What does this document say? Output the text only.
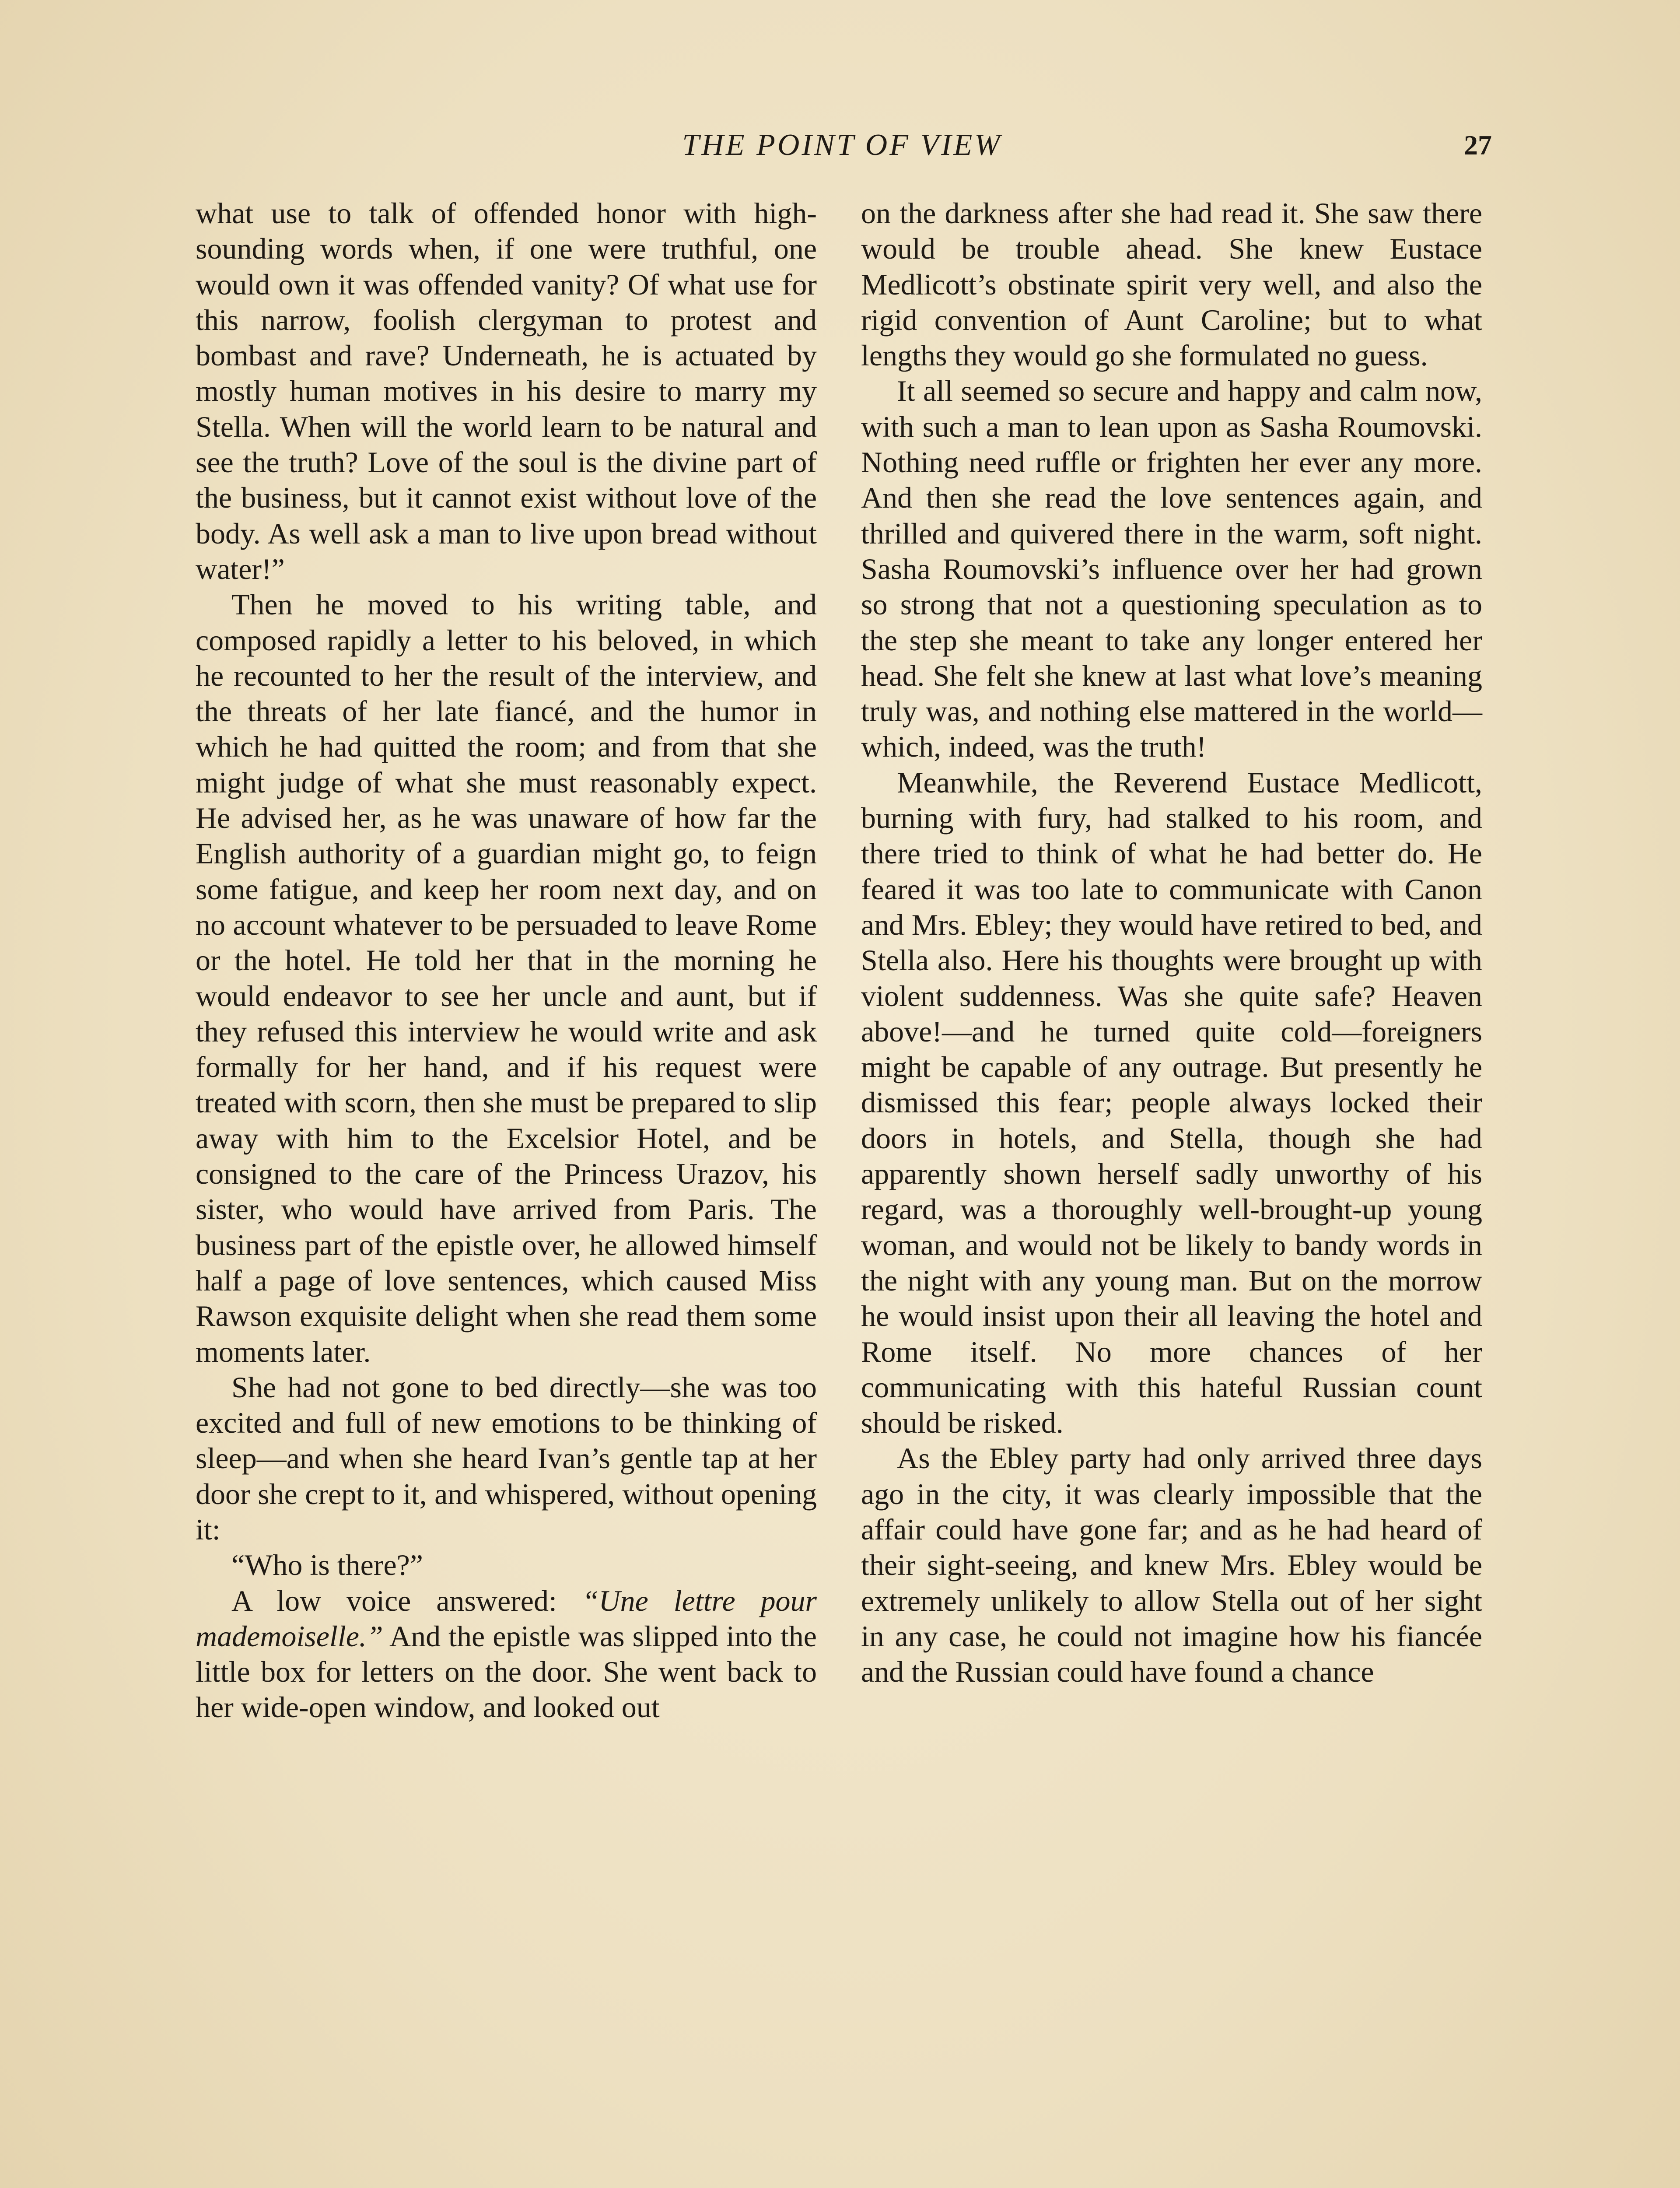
THE POINT OF VIEW	27

what use to talk of offended honor with high-sounding words when, if one were truthful, one would own it was offended vanity? Of what use for this narrow, foolish clergyman to protest and bombast and rave? Underneath, he is actuated by mostly human motives in his desire to marry my Stella. When will the world learn to be natural and see the truth? Love of the soul is the divine part of the business, but it cannot exist without love of the body. As well ask a man to live upon bread without water!”

Then he moved to his writing table, and composed rapidly a letter to his beloved, in which he recounted to her the result of the interview, and the threats of her late fiancé, and the humor in which he had quitted the room; and from that she might judge of what she must reasonably expect. He advised her, as he was unaware of how far the English authority of a guardian might go, to feign some fatigue, and keep her room next day, and on no account whatever to be persuaded to leave Rome or the hotel. He told her that in the morning he would endeavor to see her uncle and aunt, but if they refused this interview he would write and ask formally for her hand, and if his request were treated with scorn, then she must be prepared to slip away with him to the Excelsior Hotel, and be consigned to the care of the Princess Urazov, his sister, who would have arrived from Paris. The business part of the epistle over, he allowed himself half a page of love sentences, which caused Miss Rawson exquisite delight when she read them some moments later.

She had not gone to bed directly—she was too excited and full of new emotions to be thinking of sleep—and when she heard Ivan’s gentle tap at her door she crept to it, and whispered, without opening it:

“Who is there?”

A low voice answered: “Une lettre pour mademoiselle.” And the epistle was slipped into the little box for letters on the door. She went back to her wide-open window, and looked out

on the darkness after she had read it. She saw there would be trouble ahead. She knew Eustace Medlicott’s obstinate spirit very well, and also the rigid convention of Aunt Caroline; but to what lengths they would go she formulated no guess.

It all seemed so secure and happy and calm now, with such a man to lean upon as Sasha Roumovski. Nothing need ruffle or frighten her ever any more. And then she read the love sentences again, and thrilled and quivered there in the warm, soft night. Sasha Roumovski’s influence over her had grown so strong that not a questioning speculation as to the step she meant to take any longer entered her head. She felt she knew at last what love’s meaning truly was, and nothing else mattered in the world—which, indeed, was the truth!

Meanwhile, the Reverend Eustace Medlicott, burning with fury, had stalked to his room, and there tried to think of what he had better do. He feared it was too late to communicate with Canon and Mrs. Ebley; they would have retired to bed, and Stella also. Here his thoughts were brought up with violent suddenness. Was she quite safe? Heaven above!—and he turned quite cold—foreigners might be capable of any outrage. But presently he dismissed this fear; people always locked their doors in hotels, and Stella, though she had apparently shown herself sadly unworthy of his regard, was a thoroughly well-brought-up young woman, and would not be likely to bandy words in the night with any young man. But on the morrow he would insist upon their all leaving the hotel and Rome itself. No more chances of her communicating with this hateful Russian count should be risked.

As the Ebley party had only arrived three days ago in the city, it was clearly impossible that the affair could have gone far; and as he had heard of their sight-seeing, and knew Mrs. Ebley would be extremely unlikely to allow Stella out of her sight in any case, he could not imagine how his fiancée and the Russian could have found a chance
